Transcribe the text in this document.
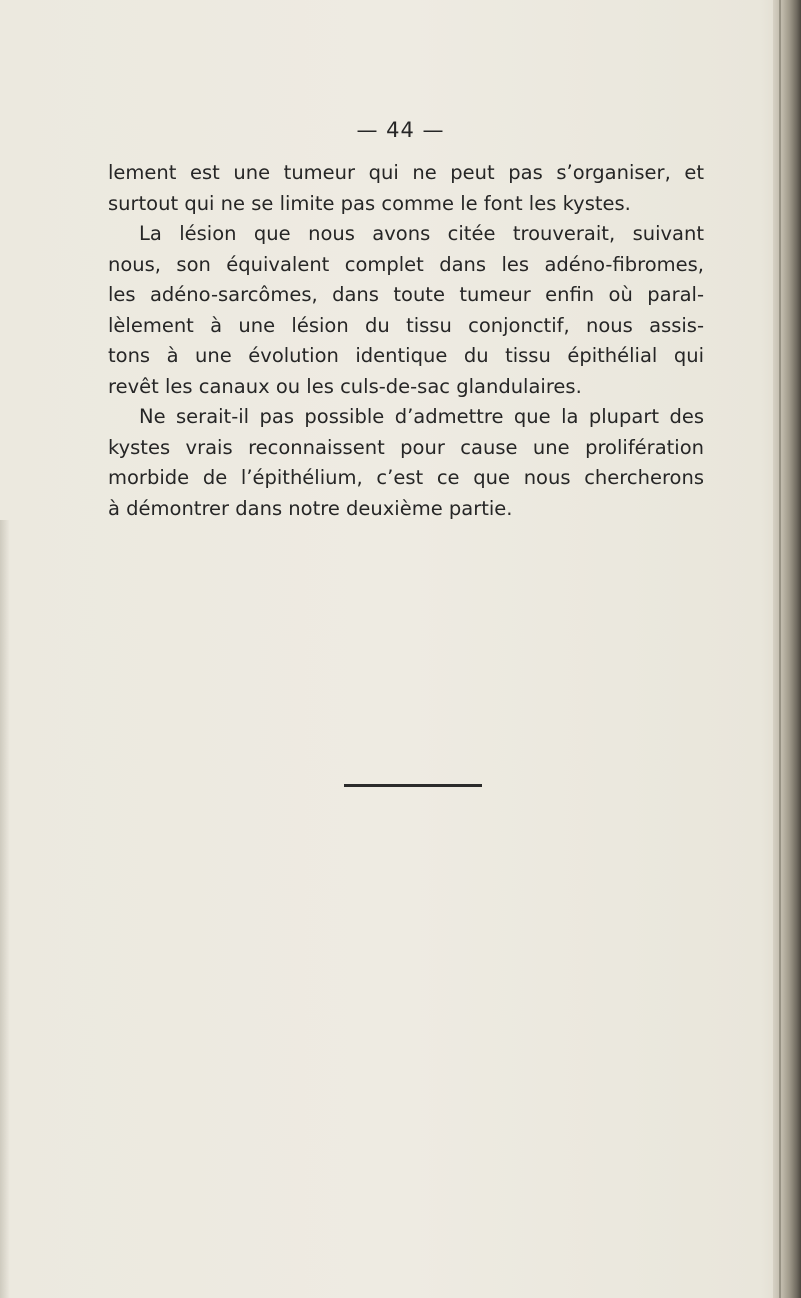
— 44 —
lement est une tumeur qui ne peut pas s’organiser, et
surtout qui ne se limite pas comme le font les kystes.
La lésion que nous avons citée trouverait, suivant
nous, son équivalent complet dans les adéno-fibromes,
les adéno-sarcômes, dans toute tumeur enfin où paral-
lèlement à une lésion du tissu conjonctif, nous assis-
tons à une évolution identique du tissu épithélial qui
revêt les canaux ou les culs-de-sac glandulaires.
Ne serait-il pas possible d’admettre que la plupart des
kystes vrais reconnaissent pour cause une prolifération
morbide de l’épithélium, c’est ce que nous chercherons
à démontrer dans notre deuxième partie.
